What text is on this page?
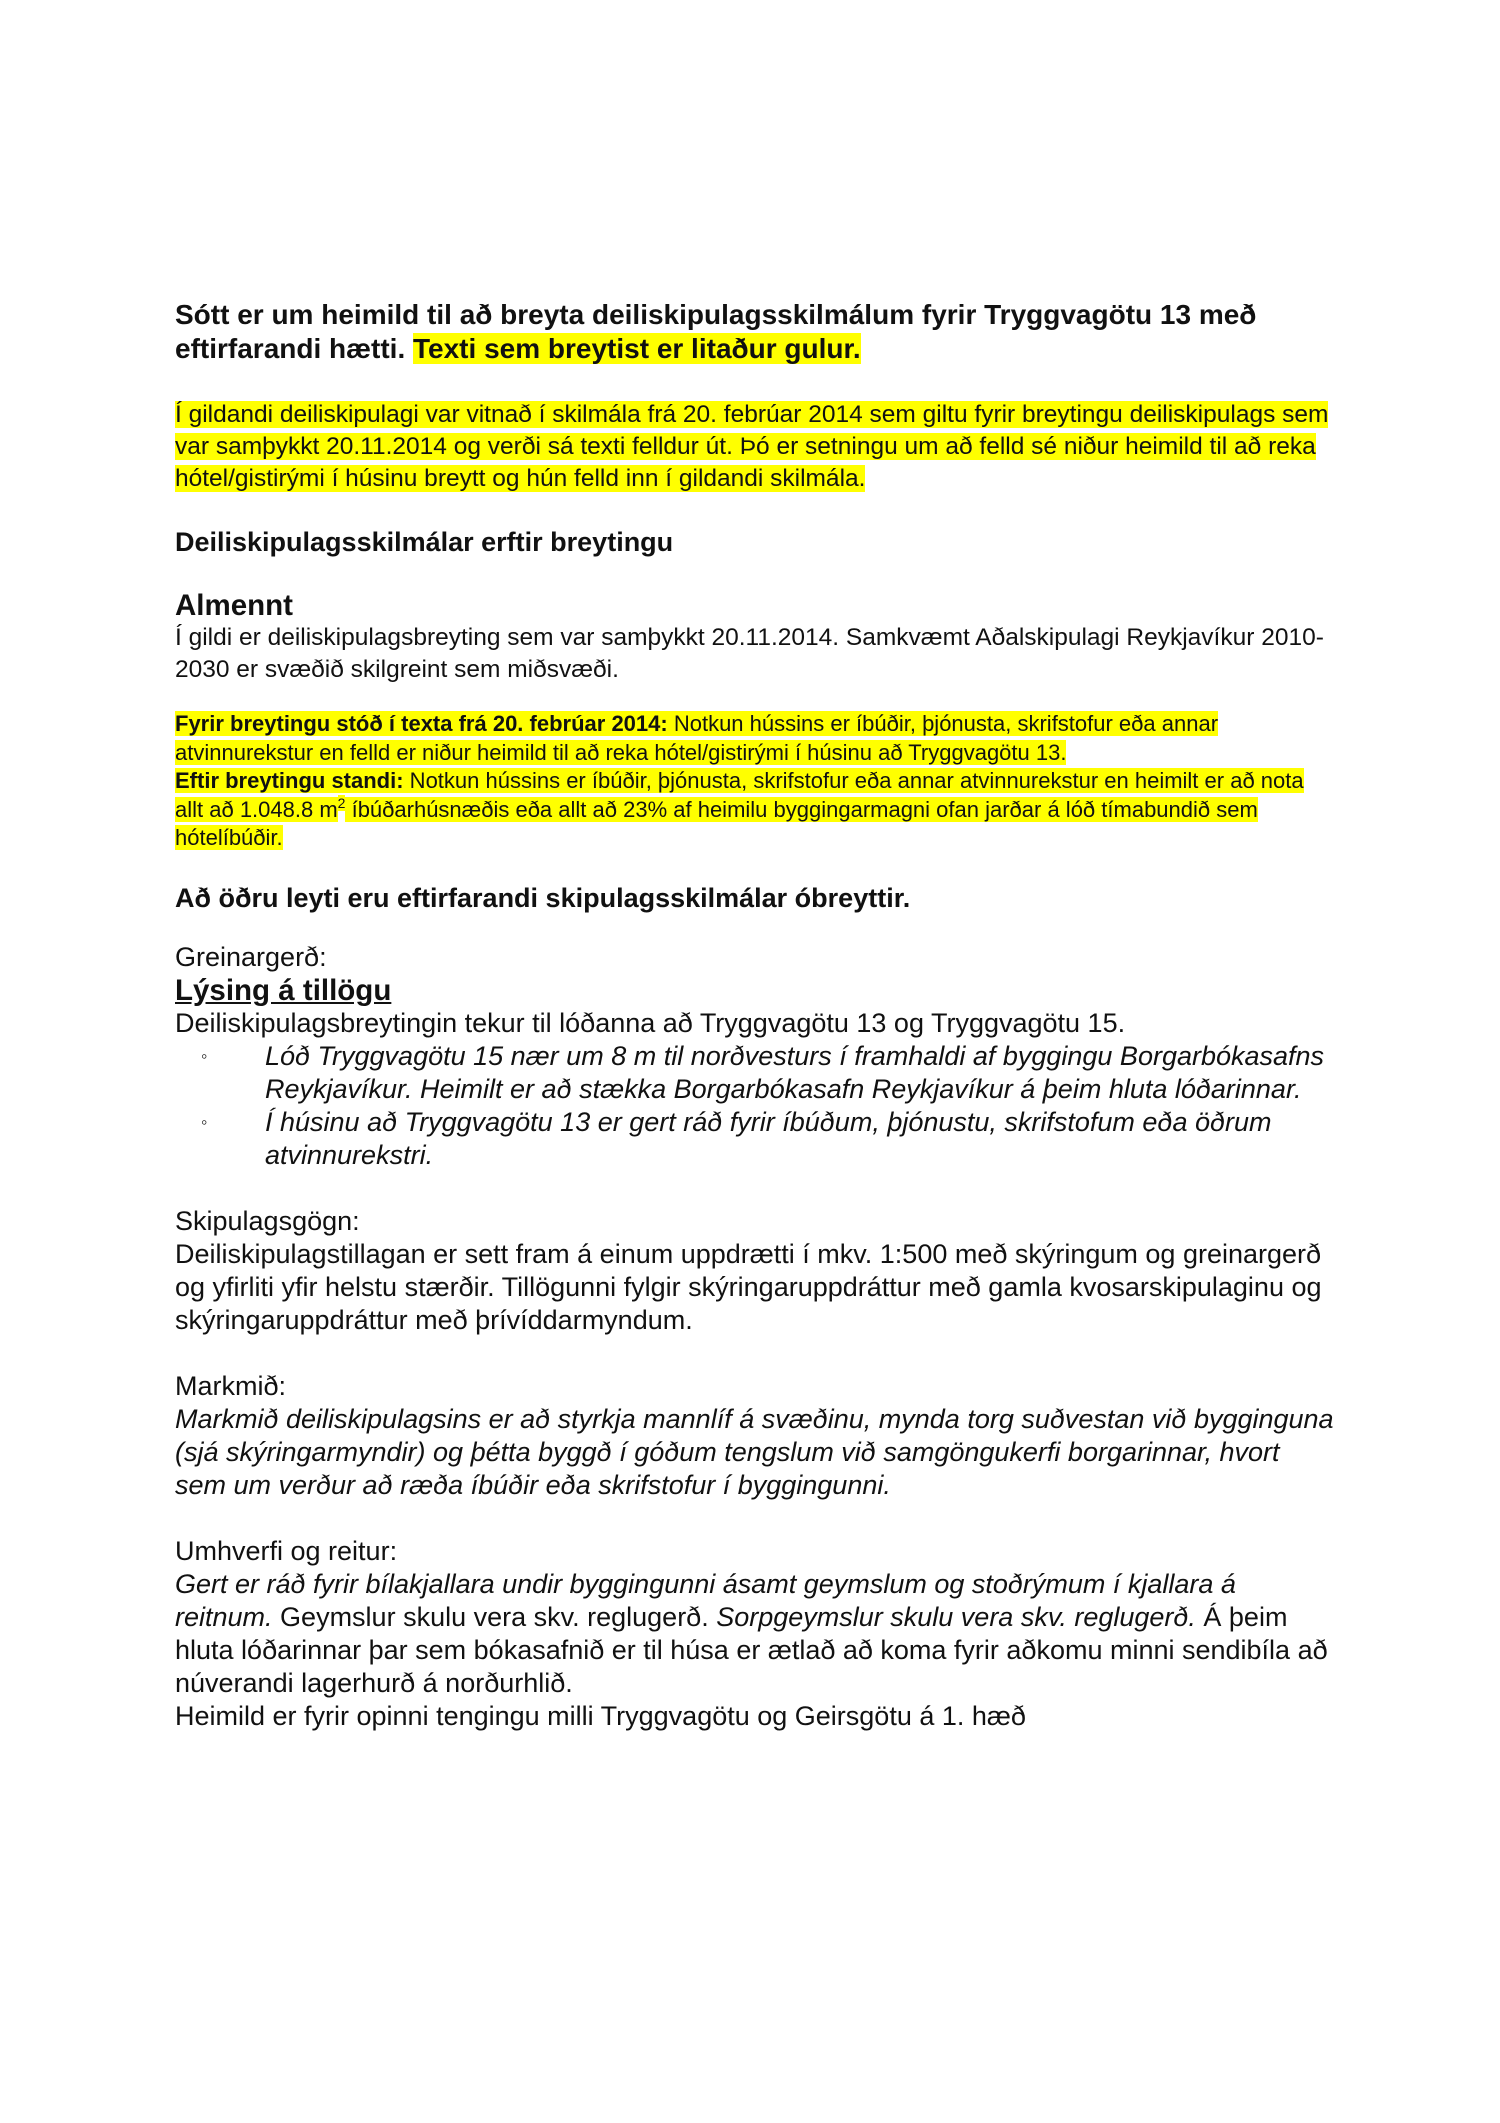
Sótt er um heimild til að breyta deiliskipulagsskilmálum fyrir Tryggvagötu 13 með eftirfarandi hætti. Texti sem breytist er litaður gulur.

Í gildandi deiliskipulagi var vitnað í skilmála frá 20. febrúar 2014 sem giltu fyrir breytingu deiliskipulags sem var samþykkt 20.11.2014 og verði sá texti felldur út. Þó er setningu um að felld sé niður heimild til að reka hótel/gistirými í húsinu breytt og hún felld inn í gildandi skilmála.

Deiliskipulagsskilmálar erftir breytingu

Almennt

Í gildi er deiliskipulagsbreyting sem var samþykkt 20.11.2014. Samkvæmt Aðalskipulagi Reykjavíkur 2010-2030 er svæðið skilgreint sem miðsvæði.

Fyrir breytingu stóð í texta frá 20. febrúar 2014: Notkun hússins er íbúðir, þjónusta, skrifstofur eða annar atvinnurekstur en felld er niður heimild til að reka hótel/gistirými í húsinu að Tryggvagötu 13.
Eftir breytingu standi: Notkun hússins er íbúðir, þjónusta, skrifstofur eða annar atvinnurekstur en heimilt er að nota allt að 1.048.8 $m^2$ íbúðarhúsnæðis eða allt að 23% af heimilu byggingarmagni ofan jarðar á lóð tímabundið sem hótelíbúðir.

Að öðru leyti eru eftirfarandi skipulagsskilmálar óbreyttir.

Greinargerð:

Lýsing á tillögu

Deiliskipulagsbreytingin tekur til lóðanna að Tryggvagötu 13 og Tryggvagötu 15.

◦ Lóð Tryggvagötu 15 nær um 8 m til norðvesturs í framhaldi af byggingu Borgarbókasafns Reykjavíkur. Heimilt er að stækka Borgarbókasafn Reykjavíkur á þeim hluta lóðarinnar.
◦ Í húsinu að Tryggvagötu 13 er gert ráð fyrir íbúðum, þjónustu, skrifstofum eða öðrum atvinnurekstri.

Skipulagsgögn:

Deiliskipulagstillagan er sett fram á einum uppdrætti í mkv. 1:500 með skýringum og greinargerð og yfirliti yfir helstu stærðir. Tillögunni fylgir skýringaruppdráttur með gamla kvosarskipulaginu og skýringaruppdráttur með þrívíddarmyndum.

Markmið:

Markmið deiliskipulagsins er að styrkja mannlíf á svæðinu, mynda torg suðvestan við bygginguna (sjá skýringarmyndir) og þétta byggð í góðum tengslum við samgöngukerfi borgarinnar, hvort sem um verður að ræða íbúðir eða skrifstofur í byggingunni.

Umhverfi og reitur:

Gert er ráð fyrir bílakjallara undir byggingunni ásamt geymslum og stoðrýmum í kjallara á reitnum. Geymslur skulu vera skv. reglugerð. Sorpgeymslur skulu vera skv. reglugerð. Á þeim hluta lóðarinnar þar sem bókasafnið er til húsa er ætlað að koma fyrir aðkomu minni sendibíla að núverandi lagerhurð á norðurhlið.

Heimild er fyrir opinni tengingu milli Tryggvagötu og Geirsgötu á 1. hæð
